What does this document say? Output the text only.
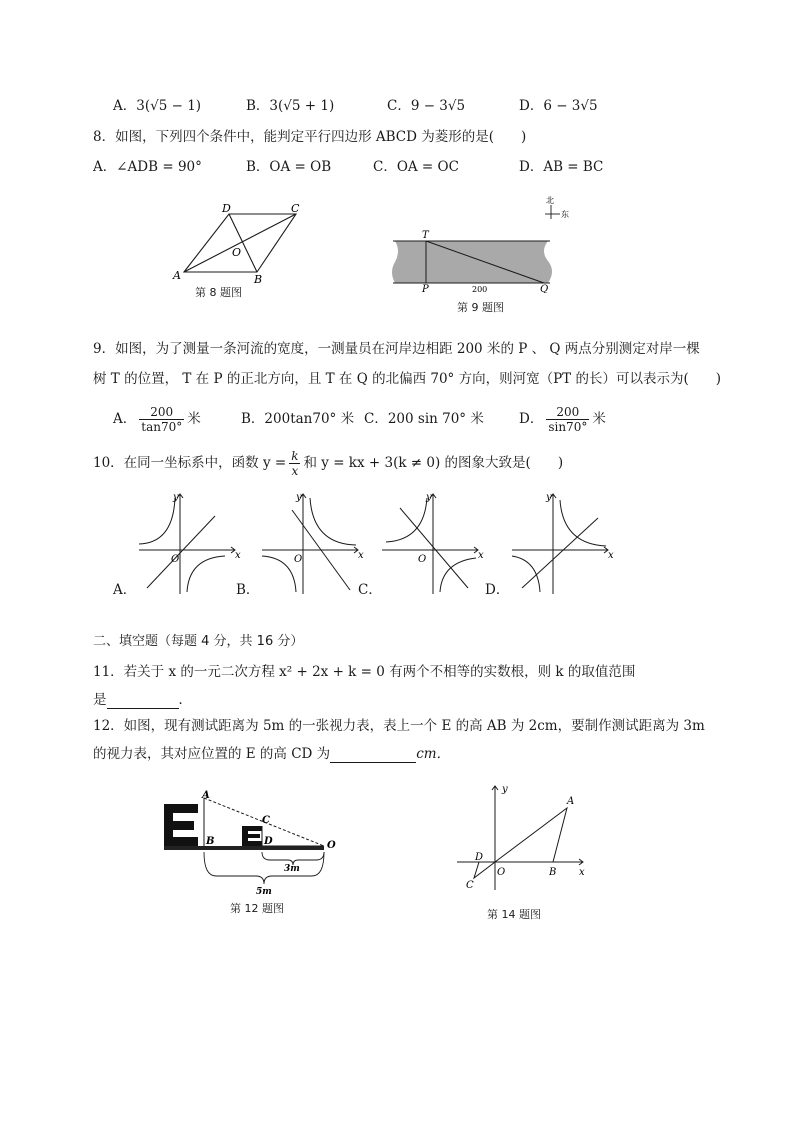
A．3(√5 − 1)	B．3(√5 + 1)	C．9 − 3√5	D．6 − 3√5
8．如图，下列四个条件中，能判定平行四边形 ABCD 为菱形的是(　　)
A．∠ADB = 90°	B．OA = OB	C．OA = OC	D．AB = BC
A	B
C
D
O
第 8 题图
北
东
T
P	Q
200
第 9 题图
9．如图，为了测量一条河流的宽度，一测量员在河岸边相距 200 米的 P 、 Q 两点分别测定对岸一棵
树 T 的位置， T 在 P 的正北方向，且 T 在 Q 的北偏西 70° 方向，则河宽（PT 的长）可以表示为(　　)
A． $\frac{200}{\tan 70^\circ}$ 米	B．200tan70° 米 C．200 sin 70° 米	D． $\frac{200}{\sin 70^\circ}$ 米
10．在同一坐标系中，函数 $y = \frac{k}{x}$ 和 y = kx + 3(k ≠ 0) 的图象大致是(　　)
y
x
O
A．
y
x
O
B．
y
x
O
C．
y
x
D．
二、填空题（每题 4 分，共 16 分）
11．若关于 x 的一元二次方程 x² + 2x + k = 0 有两个不相等的实数根，则 k 的取值范围
是	．
12．如图，现有测试距离为 5m 的一张视力表，表上一个 E 的高 AB 为 2cm，要制作测试距离为 3m
的视力表，其对应位置的 E 的高 CD 为	cm．
A
B
C
D	O
3m
5m
第 12 题图
y
x
A
B
O
D
C
第 14 题图
